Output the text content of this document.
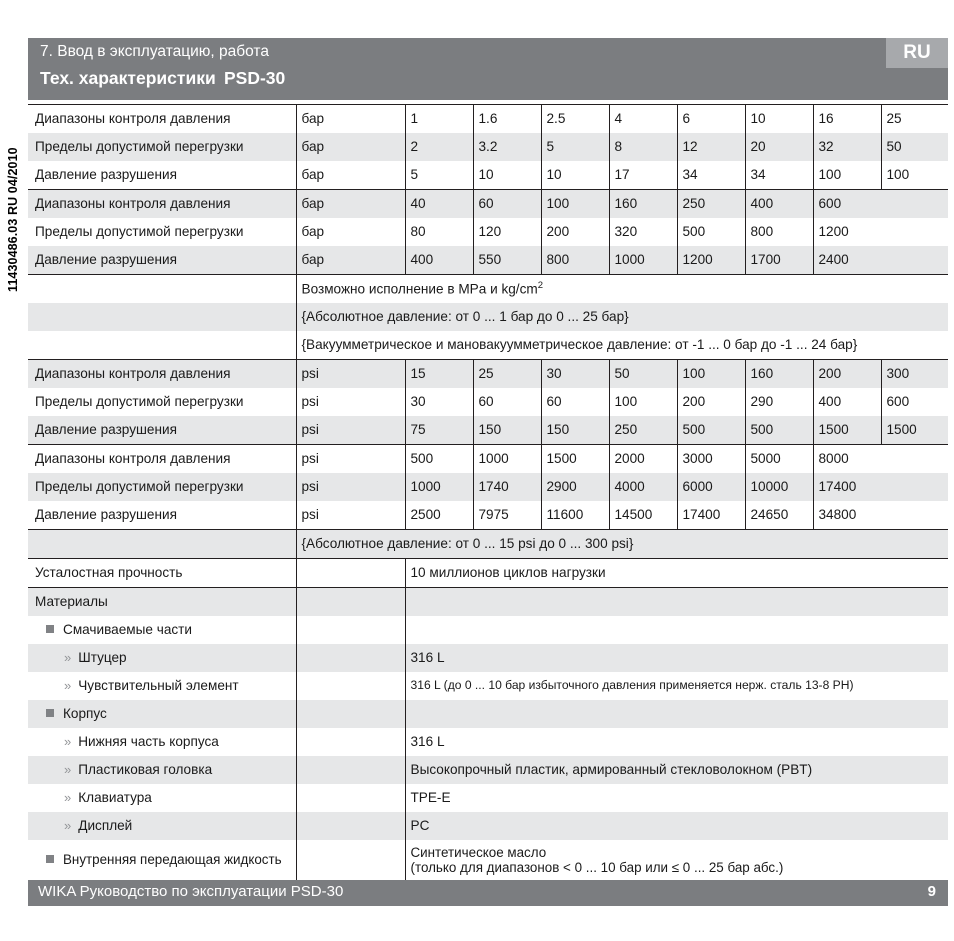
11430486.03 RU 04/2010
7. Ввод в эксплуатацию, работа
Тех. характеристики PSD-30
RU
Диапазоны контроля давления	бар	1	1.6	2.5	4	6	10	16	25
Пределы допустимой перегрузки	бар	2	3.2	5	8	12	20	32	50
Давление разрушения	бар	5	10	10	17	34	34	100	100
Диапазоны контроля давления	бар	40	60	100	160	250	400	600	
Пределы допустимой перегрузки	бар	80	120	200	320	500	800	1200	
Давление разрушения	бар	400	550	800	1000	1200	1700	2400	
	Возможно исполнение в MPa и $kg/cm^2$
	{Абсолютное давление: от 0 ... 1 бар до 0 ... 25 бар}								
	{Вакуумметрическое и мановакуумметрическое давление: от -1 ... 0 бар до -1 ... 24 бар}								
Диапазоны контроля давления	psi	15	25	30	50	100	160	200	300
Пределы допустимой перегрузки	psi	30	60	60	100	200	290	400	600
Давление разрушения	psi	75	150	150	250	500	500	1500	1500
Диапазоны контроля давления	psi	500	1000	1500	2000	3000	5000	8000	
Пределы допустимой перегрузки	psi	1000	1740	2900	4000	6000	10000	17400	
Давление разрушения	psi	2500	7975	11600	14500	17400	24650	34800	
	{Абсолютное давление: от 0 ... 15 psi до 0 ... 300 psi}								
Усталостная прочность		10 миллионов циклов нагрузки							
Материалы									
Смачиваемые части									
» Штуцер		316 L							
» Чувствительный элемент		316 L (до 0 ... 10 бар избыточного давления применяется нерж. сталь 13-8 PH)							
Корпус									
» Нижняя часть корпуса		316 L							
» Пластиковая головка		Высокопрочный пластик, армированный стекловолокном (PBT)							
» Клавиатура		TPE-E							
» Дисплей		PC							
Внутренняя передающая жидкость		Синтетическое масло
(только для диапазонов < 0 ... 10 бар или ≤ 0 ... 25 бар абс.)							
WIKA Руководство по эксплуатации PSD-30	9
